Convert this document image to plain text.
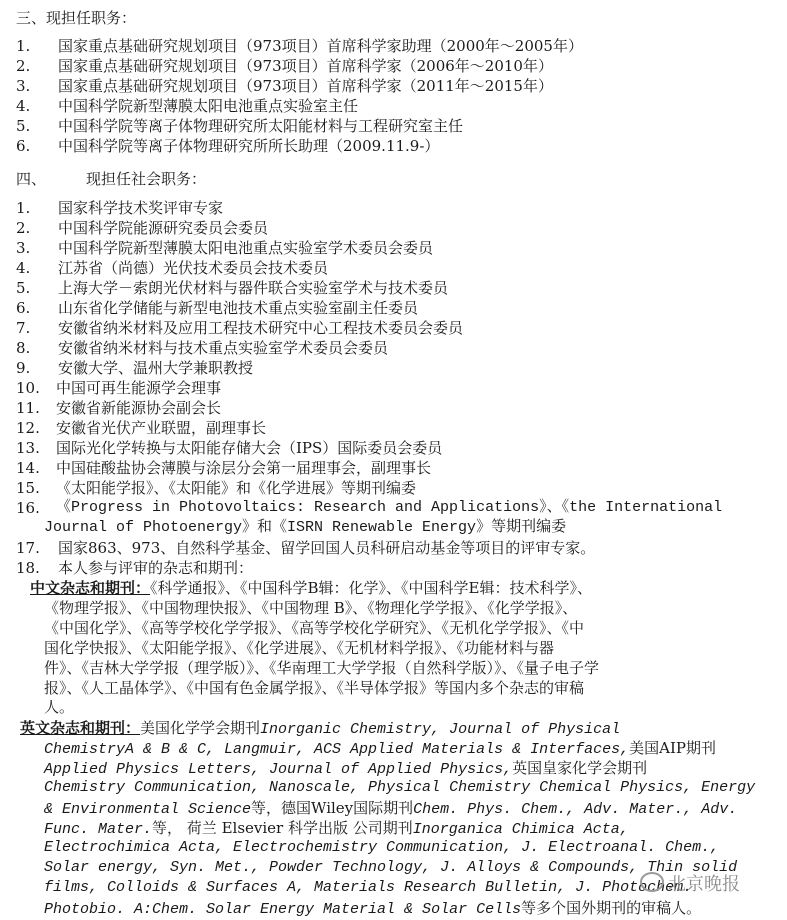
三、现担任职务：
1. 国家重点基础研究规划项目（973项目）首席科学家助理（2000年～2005年）
2. 国家重点基础研究规划项目（973项目）首席科学家（2006年～2010年）
3. 国家重点基础研究规划项目（973项目）首席科学家（2011年～2015年）
4. 中国科学院新型薄膜太阳电池重点实验室主任
5. 中国科学院等离子体物理研究所太阳能材料与工程研究室主任
6. 中国科学院等离子体物理研究所所长助理（2009.11.9-）
四、	现担任社会职务：
1. 国家科学技术奖评审专家
2. 中国科学院能源研究委员会委员
3. 中国科学院新型薄膜太阳电池重点实验室学术委员会委员
4. 江苏省（尚德）光伏技术委员会技术委员
5. 上海大学－索朗光伏材料与器件联合实验室学术与技术委员
6. 山东省化学储能与新型电池技术重点实验室副主任委员
7. 安徽省纳米材料及应用工程技术研究中心工程技术委员会委员
8. 安徽省纳米材料与技术重点实验室学术委员会委员
9. 安徽大学、温州大学兼职教授
10. 中国可再生能源学会理事
11. 安徽省新能源协会副会长
12. 安徽省光伏产业联盟，副理事长
13. 国际光化学转换与太阳能存储大会（IPS）国际委员会委员
14. 中国硅酸盐协会薄膜与涂层分会第一届理事会，副理事长
15. 《太阳能学报》、《太阳能》和《化学进展》等期刊编委
16. 《Progress in Photovoltaics: Research and Applications》、《the International
Journal of Photoenergy》和《ISRN Renewable Energy》等期刊编委
17. 国家863、973、自然科学基金、留学回国人员科研启动基金等项目的评审专家。
18. 本人参与评审的杂志和期刊：
中文杂志和期刊：《科学通报》、《中国科学B辑：化学》、《中国科学E辑：技术科学》、
《物理学报》、《中国物理快报》、《中国物理 B》、《物理化学学报》、《化学学报》、
《中国化学》、《高等学校化学学报》、《高等学校化学研究》、《无机化学学报》、《中
国化学快报》、《太阳能学报》、《化学进展》、《无机材料学报》、《功能材料与器
件》、《吉林大学学报（理学版）》、《华南理工大学学报（自然科学版）》、《量子电子学
报》、《人工晶体学》、《中国有色金属学报》、《半导体学报》等国内多个杂志的审稿
人。
英文杂志和期刊：美国化学学会期刊Inorganic Chemistry, Journal of Physical
ChemistryA & B & C, Langmuir, ACS Applied Materials & Interfaces,美国AIP期刊
Applied Physics Letters, Journal of Applied Physics,英国皇家化学会期刊
Chemistry Communication, Nanoscale, Physical Chemistry Chemical Physics, Energy
& Environmental Science等，德国Wiley国际期刊Chem. Phys. Chem., Adv. Mater., Adv.
Func. Mater.等， 荷兰 Elsevier 科学出版 公司期刊Inorganica Chimica Acta,
Electrochimica Acta, Electrochemistry Communication, J. Electroanal. Chem.,
Solar energy, Syn. Met., Powder Technology, J. Alloys & Compounds, Thin solid
films, Colloids & Surfaces A, Materials Research Bulletin, J. Photochem.
Photobio. A:Chem. Solar Energy Material & Solar Cells等多个国外期刊的审稿人。
北京晚报
